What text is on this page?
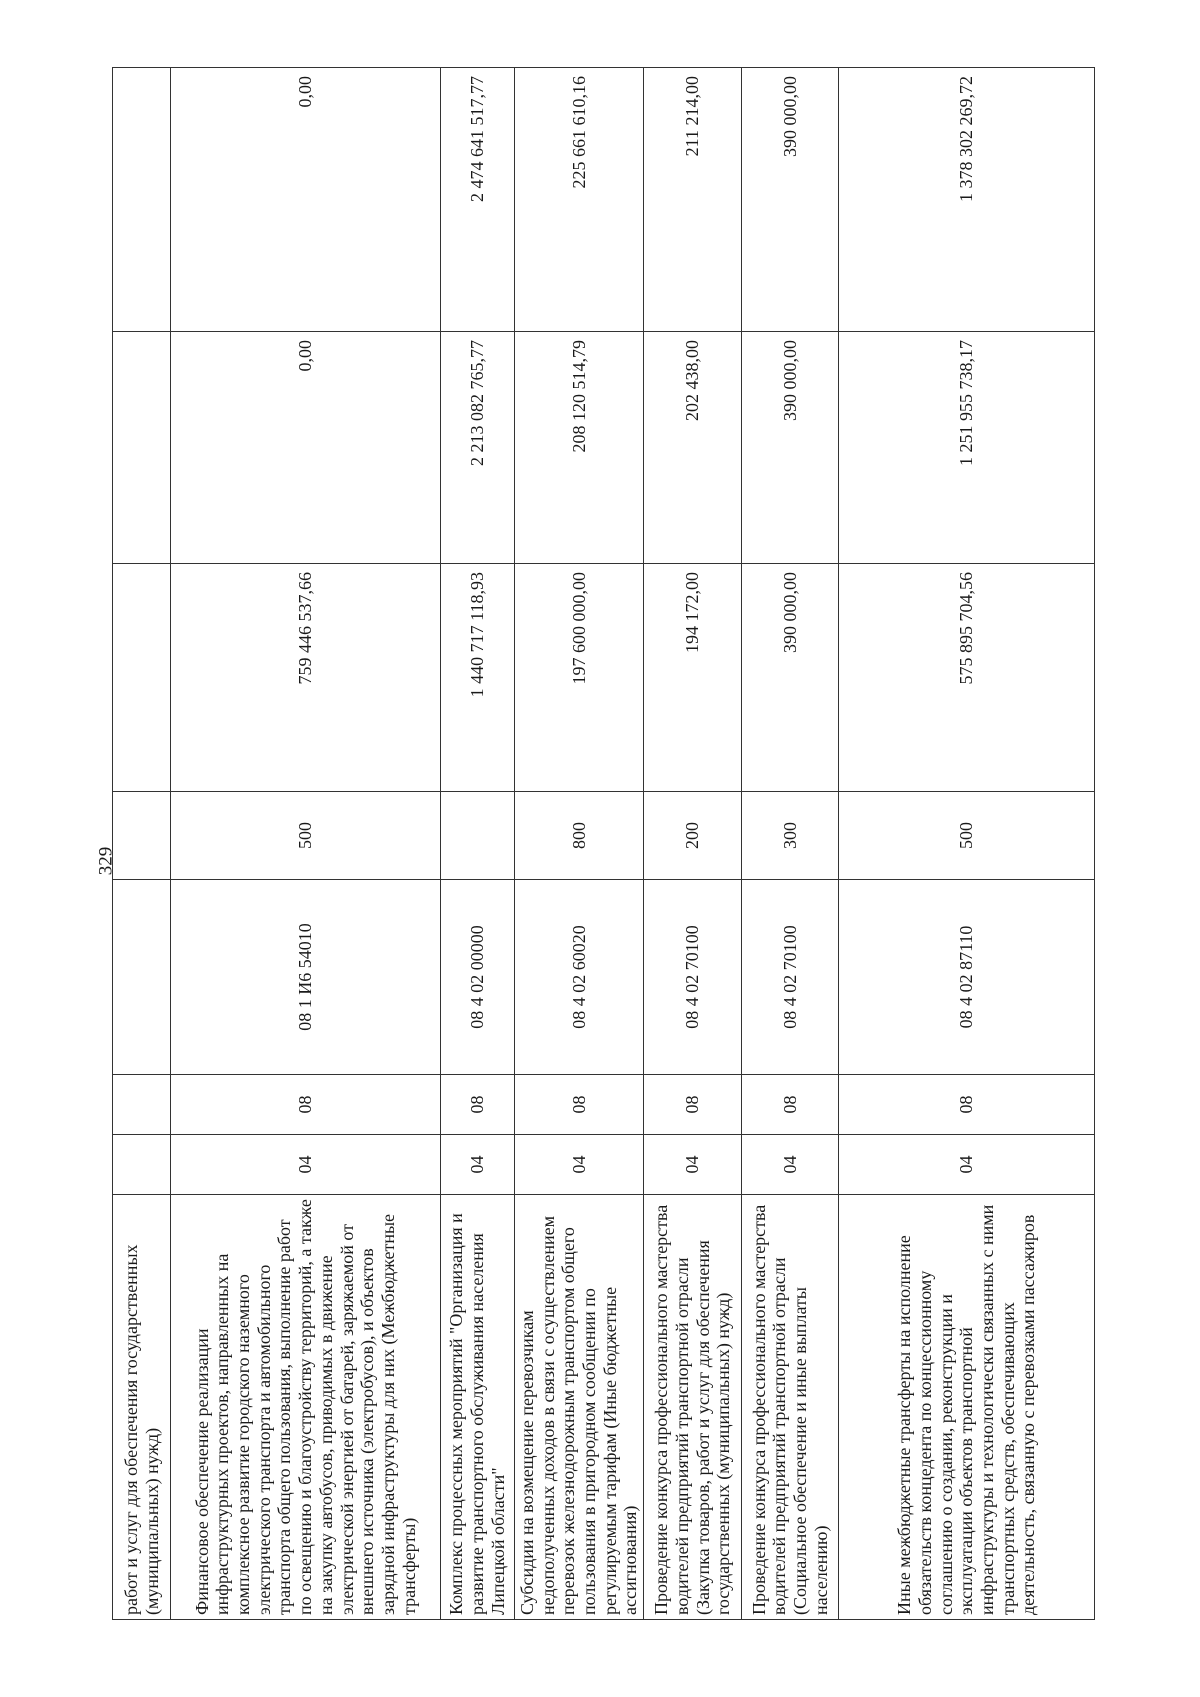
329
работ и услуг для обеспечения государственных (муниципальных) нужд)							
Финансовое обеспечение реализации инфраструктурных проектов, направленных на комплексное развитие городского наземного электрического транспорта и автомобильного транспорта общего пользования, выполнение работ по освещению и благоустройству территорий, а также на закупку автобусов, приводимых в движение электрической энергией от батарей, заряжаемой от внешнего источника (электробусов), и объектов зарядной инфраструктуры для них (Межбюджетные трансферты)	04	08	08 1 И6 54010	500	759 446 537,66	0,00	0,00
Комплекс процессных мероприятий "Организация и развитие транспортного обслуживания населения Липецкой области"	04	08	08 4 02 00000		1 440 717 118,93	2 213 082 765,77	2 474 641 517,77
Субсидии на возмещение перевозчикам недополученных доходов в связи с осуществлением перевозок железнодорожным транспортом общего пользования в пригородном сообщении по регулируемым тарифам (Иные бюджетные ассигнования)	04	08	08 4 02 60020	800	197 600 000,00	208 120 514,79	225 661 610,16
Проведение конкурса профессионального мастерства водителей предприятий транспортной отрасли (Закупка товаров, работ и услуг для обеспечения государственных (муниципальных) нужд)	04	08	08 4 02 70100	200	194 172,00	202 438,00	211 214,00
Проведение конкурса профессионального мастерства водителей предприятий транспортной отрасли (Социальное обеспечение и иные выплаты населению)	04	08	08 4 02 70100	300	390 000,00	390 000,00	390 000,00
Иные межбюджетные трансферты на исполнение обязательств концедента по концессионному соглашению о создании, реконструкции и эксплуатации объектов транспортной инфраструктуры и технологически связанных с ними транспортных средств, обеспечивающих деятельность, связанную с перевозками пассажиров	04	08	08 4 02 87110	500	575 895 704,56	1 251 955 738,17	1 378 302 269,72
